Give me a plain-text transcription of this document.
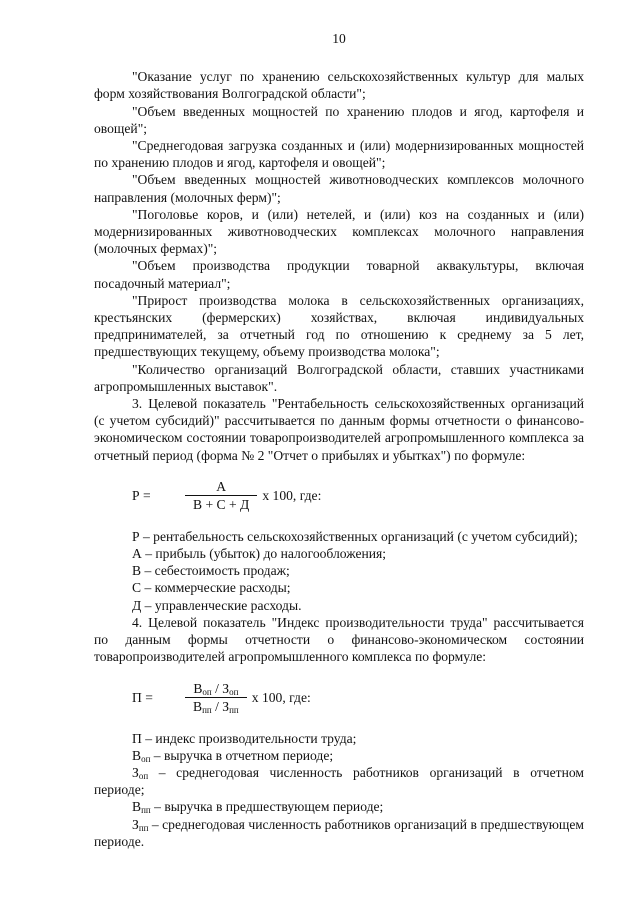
10

"Оказание услуг по хранению сельскохозяйственных культур для малых форм хозяйствования Волгоградской области";

"Объем введенных мощностей по хранению плодов и ягод, картофеля и овощей";

"Среднегодовая загрузка созданных и (или) модернизированных мощностей по хранению плодов и ягод, картофеля и овощей";

"Объем введенных мощностей животноводческих комплексов молочного направления (молочных ферм)";

"Поголовье коров, и (или) нетелей, и (или) коз на созданных и (или) модернизированных животноводческих комплексах молочного направления (молочных фермах)";

"Объем производства продукции товарной аквакультуры, включая посадочный материал";

"Прирост производства молока в сельскохозяйственных организациях, крестьянских (фермерских) хозяйствах, включая индивидуальных предпринимателей, за отчетный год по отношению к среднему за 5 лет, предшествующих текущему, объему производства молока";

"Количество организаций Волгоградской области, ставших участниками агропромышленных выставок".

3. Целевой показатель "Рентабельность сельскохозяйственных организаций (с учетом субсидий)" рассчитывается по данным формы отчетности о финансово-экономическом состоянии товаропроизводителей агропромышленного комплекса за отчетный период (форма № 2 "Отчет о прибылях и убытках") по формуле:

Р =	$\frac{А}{В + С + Д}$ х 100, где:

Р – рентабельность сельскохозяйственных организаций (с учетом субсидий);

А – прибыль (убыток) до налогообложения;

В – себестоимость продаж;

С – коммерческие расходы;

Д – управленческие расходы.

4. Целевой показатель "Индекс производительности труда" рассчитывается по данным формы отчетности о финансово-экономическом состоянии товаропроизводителей агропромышленного комплекса по формуле:

П =	$\frac{В_{оп} / З_{оп}}{В_{пп} / З_{пп}}$ х 100, где:

П – индекс производительности труда;

$В_{оп}$ – выручка в отчетном периоде;

$З_{оп}$ – среднегодовая численность работников организаций в отчетном периоде;

$В_{пп}$ – выручка в предшествующем периоде;

$З_{пп}$ – среднегодовая численность работников организаций в предшествующем периоде.
